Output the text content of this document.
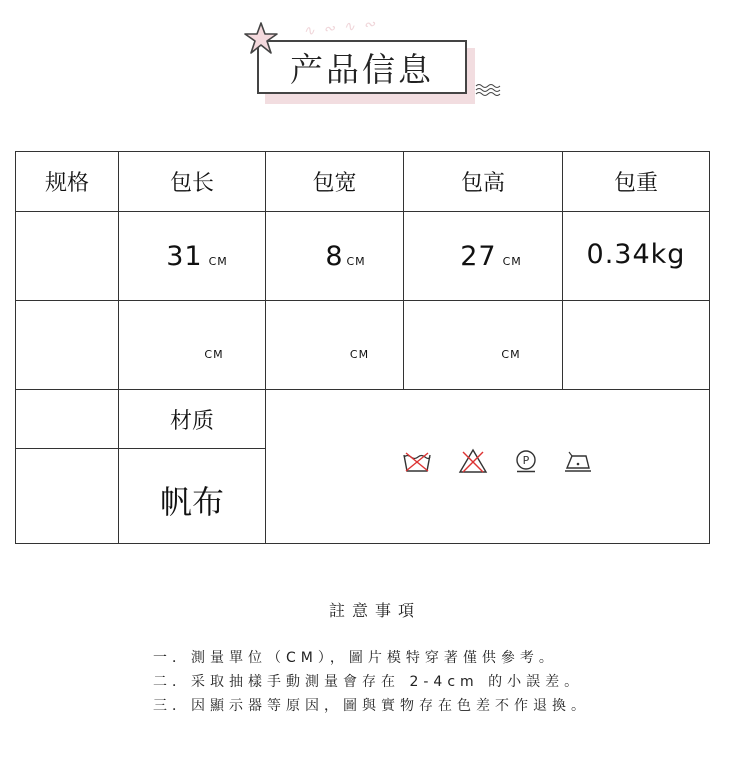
∿ ∾ ∿ ∾
产品信息
规格	包长	包宽	包高	包重
	31 CM	8 CM	27 CM	0.34kg

	CM	CM	CM	

	材质	P		

	帆布			
註意事項
一．測量單位（CM），圖片模特穿著僅供參考。
二．采取抽樣手動測量會存在 2-4cm 的小誤差。
三．因顯示器等原因，圖與實物存在色差不作退換。
